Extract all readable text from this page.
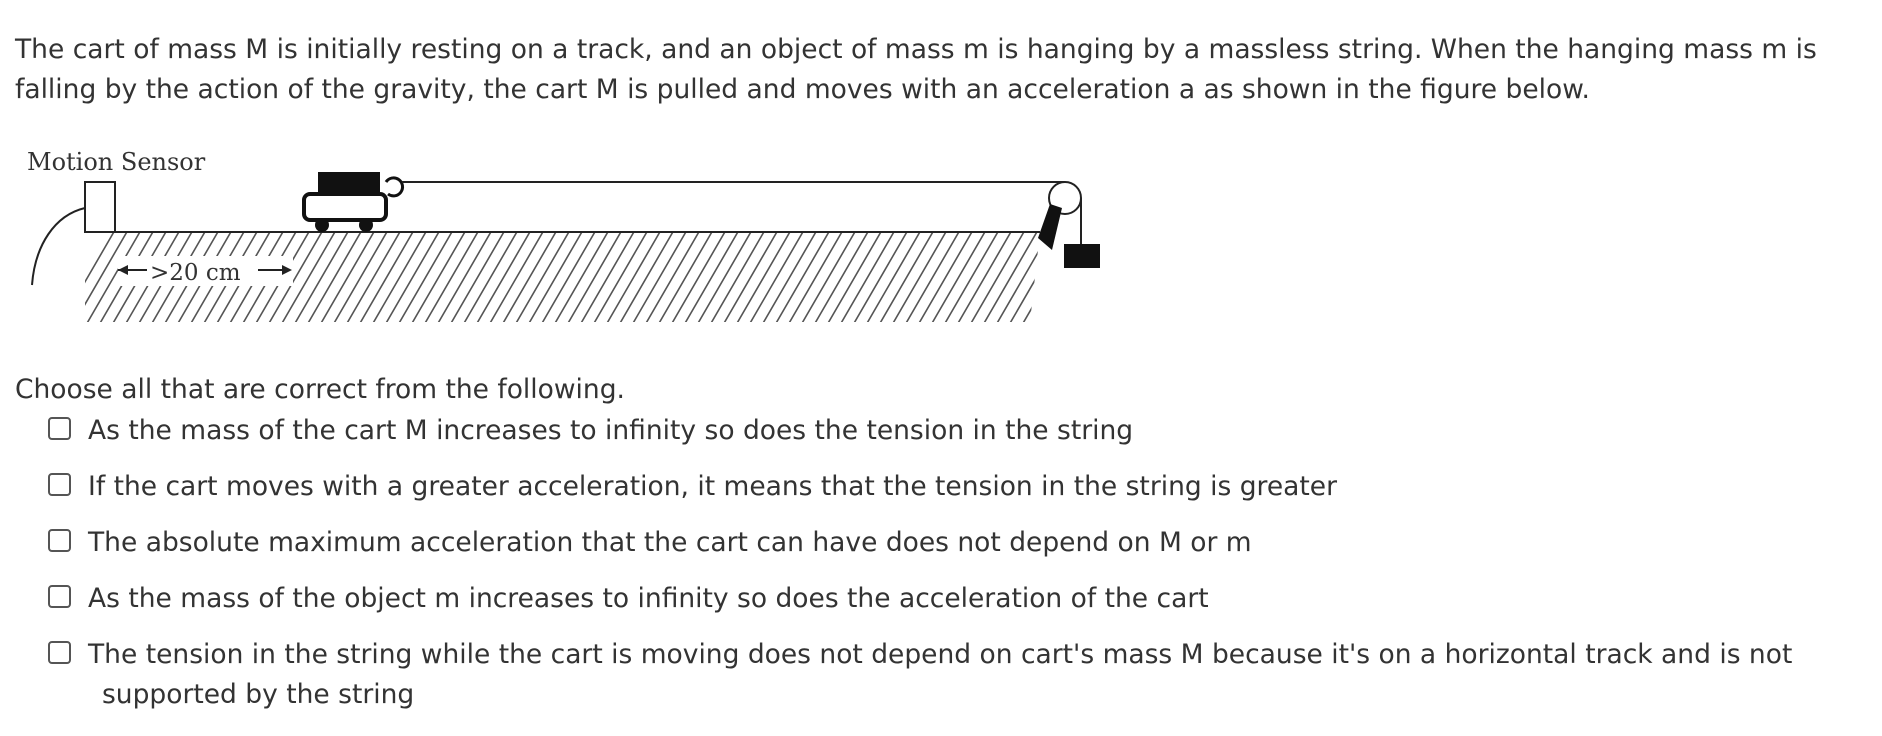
The cart of mass M is initially resting on a track, and an object of mass m is hanging by a massless string. When the hanging mass m is falling by the action of the gravity, the cart M is pulled and moves with an acceleration a as shown in the figure below.
Motion Sensor
>20 cm
Choose all that are correct from the following.
As the mass of the cart M increases to infinity so does the tension in the string
If the cart moves with a greater acceleration, it means that the tension in the string is greater
The absolute maximum acceleration that the cart can have does not depend on M or m
As the mass of the object m increases to infinity so does the acceleration of the cart
The tension in the string while the cart is moving does not depend on cart's mass M because it's on a horizontal track and is not
supported by the string
